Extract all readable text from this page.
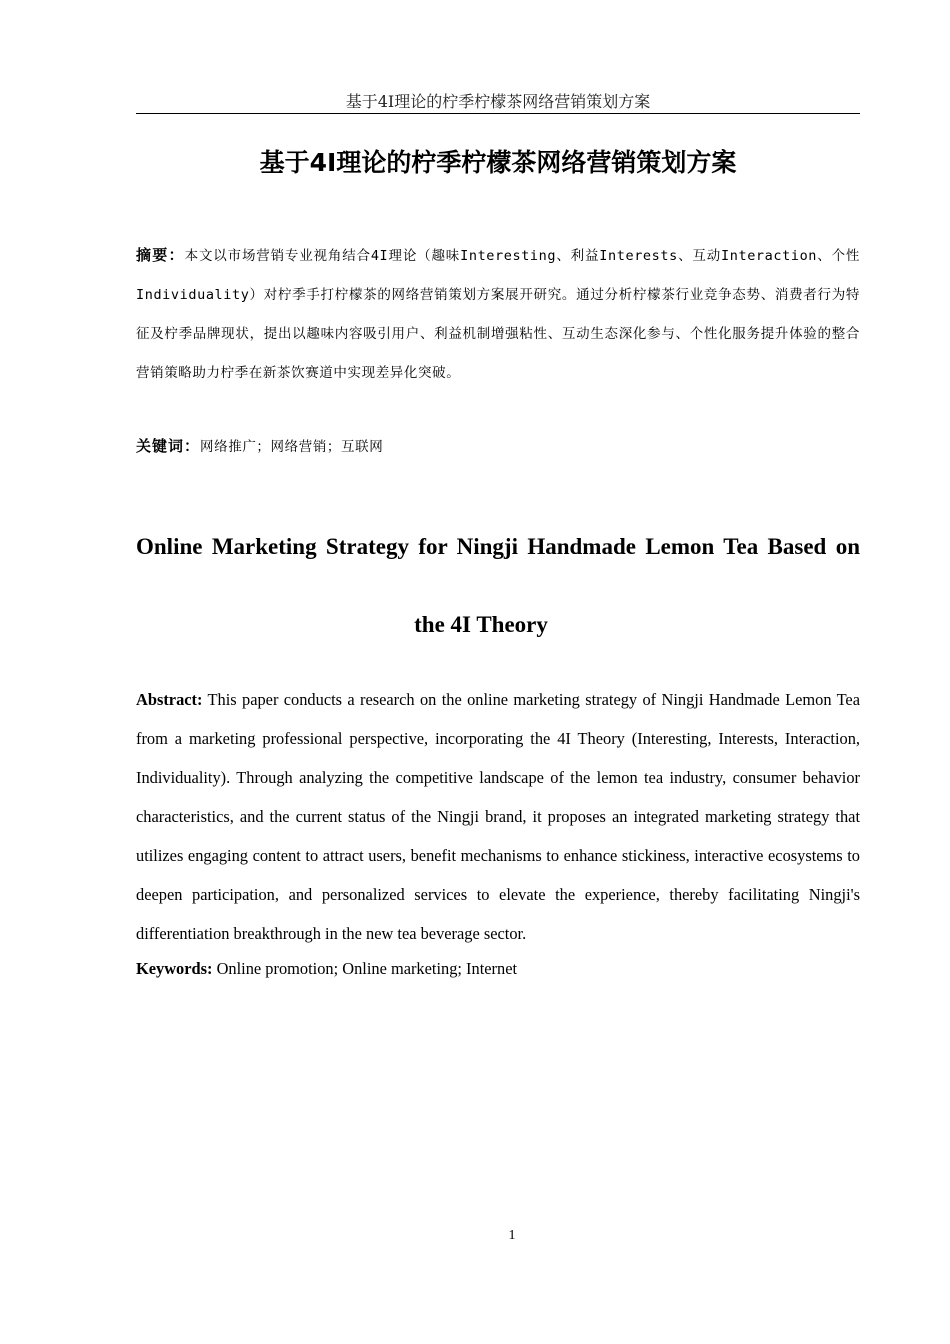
基于4I理论的柠季柠檬茶网络营销策划方案
基于4I理论的柠季柠檬茶网络营销策划方案
摘要：本文以市场营销专业视角结合4I理论（趣味Interesting、利益Interests、互动Interaction、个性Individuality）对柠季手打柠檬茶的网络营销策划方案展开研究。通过分析柠檬茶行业竞争态势、消费者行为特征及柠季品牌现状，提出以趣味内容吸引用户、利益机制增强粘性、互动生态深化参与、个性化服务提升体验的整合营销策略助力柠季在新茶饮赛道中实现差异化突破。
关键词：网络推广；网络营销；互联网
Online Marketing Strategy for Ningji Handmade Lemon Tea Based on
the 4I Theory
Abstract: This paper conducts a research on the online marketing strategy of Ningji Handmade Lemon Tea from a marketing professional perspective, incorporating the 4I Theory (Interesting, Interests, Interaction, Individuality). Through analyzing the competitive landscape of the lemon tea industry, consumer behavior characteristics, and the current status of the Ningji brand, it proposes an integrated marketing strategy that utilizes engaging content to attract users, benefit mechanisms to enhance stickiness, interactive ecosystems to deepen participation, and personalized services to elevate the experience, thereby facilitating Ningji's differentiation breakthrough in the new tea beverage sector.
Keywords: Online promotion; Online marketing; Internet
1
